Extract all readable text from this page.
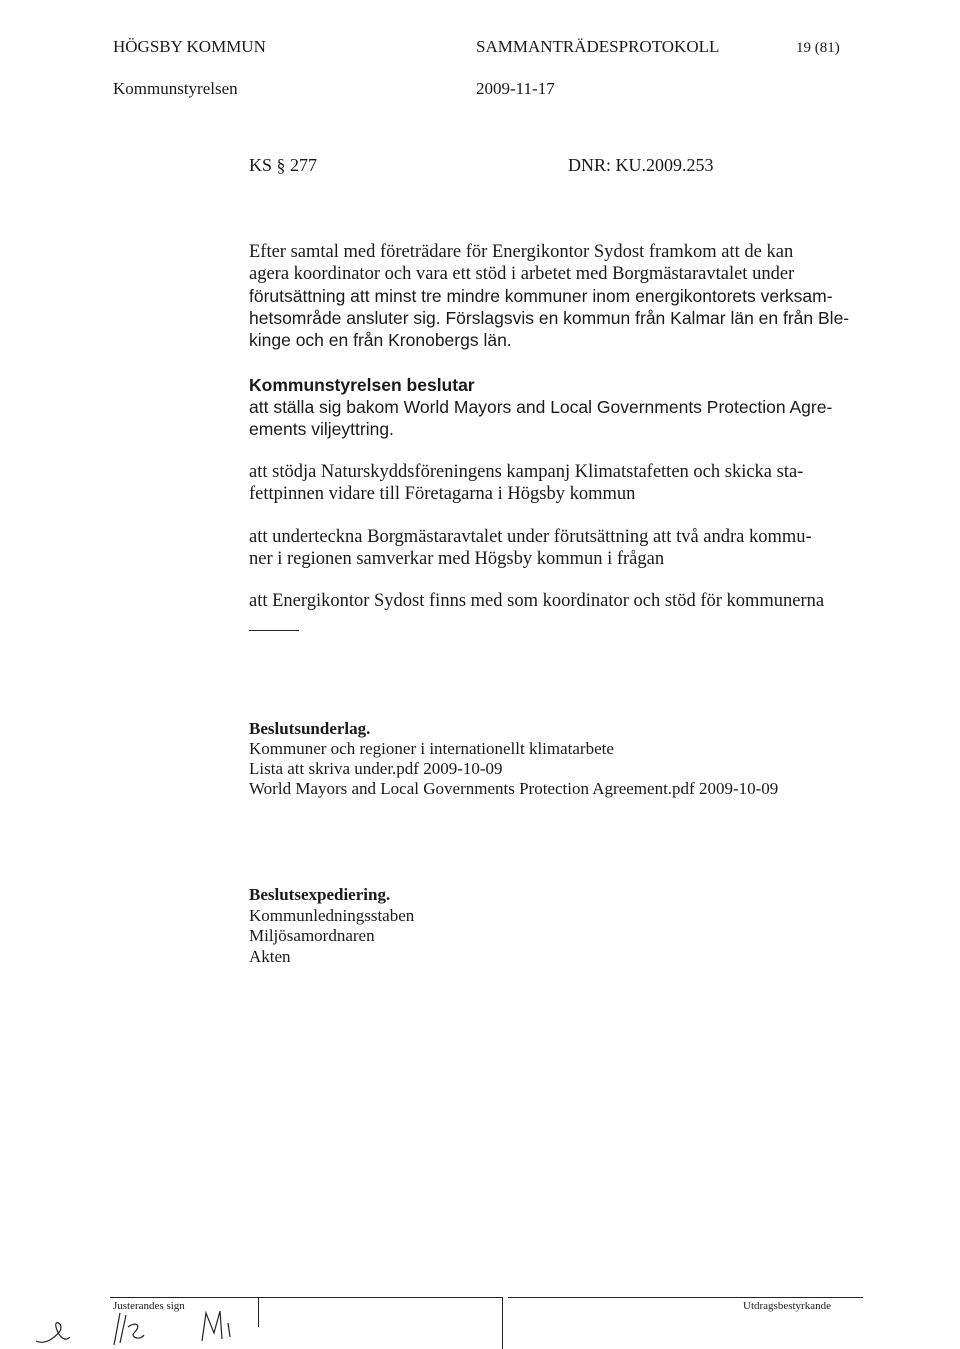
HÖGSBY KOMMUN
Kommunstyrelsen
SAMMANTRÄDESPROTOKOLL
2009-11-17
19 (81)
KS § 277	DNR: KU.2009.253
Efter samtal med företrädare för Energikontor Sydost framkom att de kan
agera koordinator och vara ett stöd i arbetet med Borgmästaravtalet under
förutsättning att minst tre mindre kommuner inom energikontorets verksam-
hetsområde ansluter sig. Förslagsvis en kommun från Kalmar län en från Ble-
kinge och en från Kronobergs län.
Kommunstyrelsen beslutar
att ställa sig bakom World Mayors and Local Governments Protection Agre-
ements viljeyttring.
att stödja Naturskyddsföreningens kampanj Klimatstafetten och skicka sta-
fettpinnen vidare till Företagarna i Högsby kommun
att underteckna Borgmästaravtalet under förutsättning att två andra kommu-
ner i regionen samverkar med Högsby kommun i frågan
att Energikontor Sydost finns med som koordinator och stöd för kommunerna
Beslutsunderlag.
Kommuner och regioner i internationellt klimatarbete
Lista att skriva under.pdf 2009-10-09
World Mayors and Local Governments Protection Agreement.pdf 2009-10-09
Beslutsexpediering.
Kommunledningsstaben
Miljösamordnaren
Akten
Justerandes sign	Utdragsbestyrkande
